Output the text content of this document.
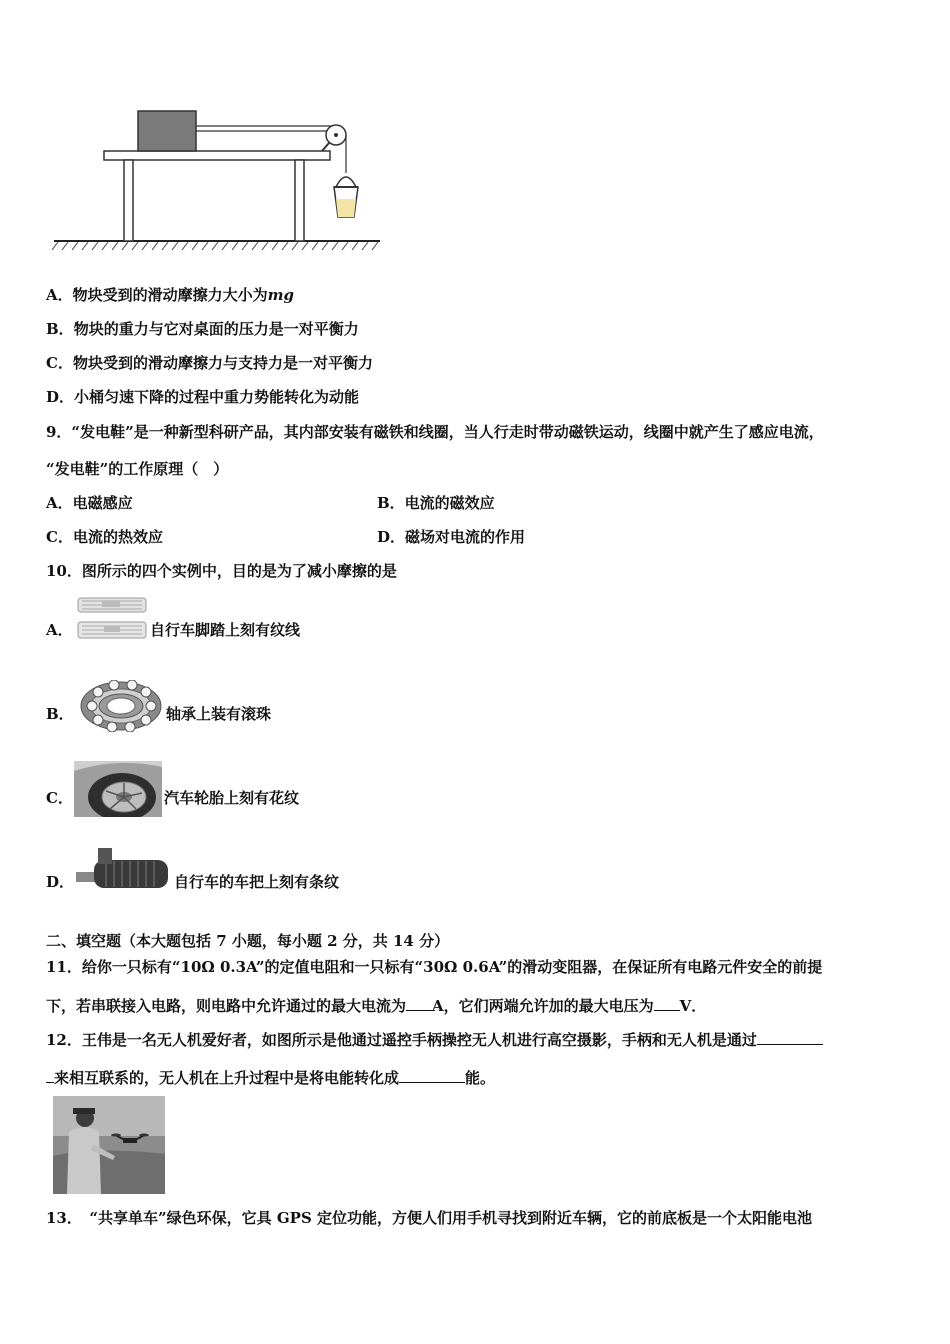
A．物块受到的滑动摩擦力大小为mg
B．物块的重力与它对桌面的压力是一对平衡力
C．物块受到的滑动摩擦力与支持力是一对平衡力
D．小桶匀速下降的过程中重力势能转化为动能
9．“发电鞋”是一种新型科研产品，其内部安装有磁铁和线圈，当人行走时带动磁铁运动，线圈中就产生了感应电流，
“发电鞋”的工作原理（　）
A．电磁感应	B．电流的磁效应
C．电流的热效应	D．磁场对电流的作用
10．图所示的四个实例中，目的是为了减小摩擦的是
A．	自行车脚踏上刻有纹线
B．	轴承上装有滚珠
C．	汽车轮胎上刻有花纹
D．	自行车的车把上刻有条纹
二、填空题（本大题包括 7 小题，每小题 2 分，共 14 分）
11．给你一只标有“10Ω 0.3A”的定值电阻和一只标有“30Ω 0.6A”的滑动变阻器，在保证所有电路元件安全的前提
下，若串联接入电路，则电路中允许通过的最大电流为 A，它们两端允许加的最大电压为 V．
12．王伟是一名无人机爱好者，如图所示是他通过遥控手柄操控无人机进行高空摄影，手柄和无人机是通过
来相互联系的，无人机在上升过程中是将电能转化成	能。
13．　“共享单车”绿色环保，它具 GPS 定位功能，方便人们用手机寻找到附近车辆，它的前底板是一个太阳能电池
